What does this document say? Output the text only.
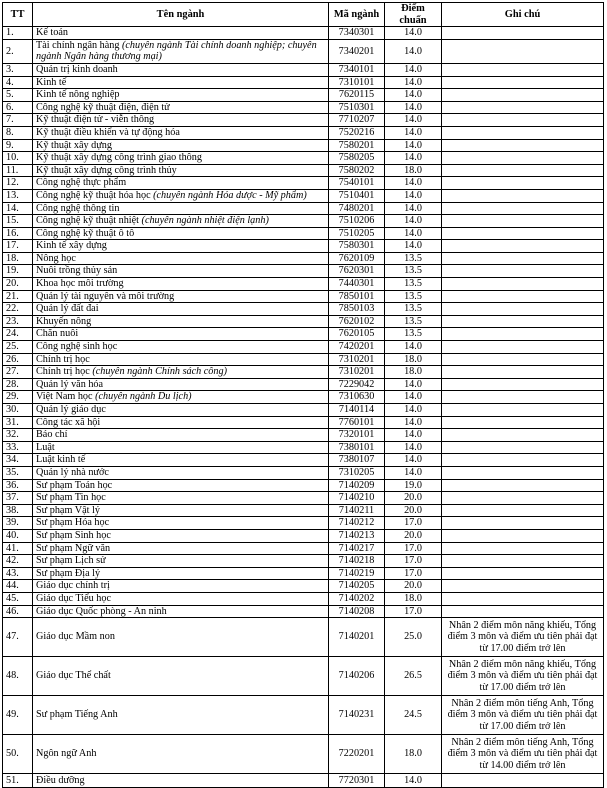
TT	Tên ngành	Mã ngành	Điểm chuẩn	Ghi chú
1.	Kế toán	7340301	14.0	
2.	Tài chính ngân hàng (chuyên ngành Tài chính doanh nghiệp; chuyên ngành Ngân hàng thương mại)	7340201	14.0	
3.	Quản trị kinh doanh	7340101	14.0	
4.	Kinh tế	7310101	14.0	
5.	Kinh tế nông nghiệp	7620115	14.0	
6.	Công nghệ kỹ thuật điện, điện tử	7510301	14.0	
7.	Kỹ thuật điện tử - viễn thông	7710207	14.0	
8.	Kỹ thuật điều khiển và tự động hóa	7520216	14.0	
9.	Kỹ thuật xây dựng	7580201	14.0	
10.	Kỹ thuật xây dựng công trình giao thông	7580205	14.0	
11.	Kỹ thuật xây dựng công trình thủy	7580202	18.0	
12.	Công nghệ thực phẩm	7540101	14.0	
13.	Công nghệ kỹ thuật hóa học (chuyên ngành Hóa dược - Mỹ phẩm)	7510401	14.0	
14.	Công nghệ thông tin	7480201	14.0	
15.	Công nghệ kỹ thuật nhiệt (chuyên ngành nhiệt điện lạnh)	7510206	14.0	
16.	Công nghệ kỹ thuật ô tô	7510205	14.0	
17.	Kinh tế xây dựng	7580301	14.0	
18.	Nông học	7620109	13.5	
19.	Nuôi trồng thủy sản	7620301	13.5	
20.	Khoa học môi trường	7440301	13.5	
21.	Quản lý tài nguyên và môi trường	7850101	13.5	
22.	Quản lý đất đai	7850103	13.5	
23.	Khuyến nông	7620102	13.5	
24.	Chăn nuôi	7620105	13.5	
25.	Công nghệ sinh học	7420201	14.0	
26.	Chính trị học	7310201	18.0	
27.	Chính trị học (chuyên ngành Chính sách công)	7310201	18.0	
28.	Quản lý văn hóa	7229042	14.0	
29.	Việt Nam học (chuyên ngành Du lịch)	7310630	14.0	
30.	Quản lý giáo dục	7140114	14.0	
31.	Công tác xã hội	7760101	14.0	
32.	Báo chí	7320101	14.0	
33.	Luật	7380101	14.0	
34.	Luật kinh tế	7380107	14.0	
35.	Quản lý nhà nước	7310205	14.0	
36.	Sư phạm Toán học	7140209	19.0	
37.	Sư phạm Tin học	7140210	20.0	
38.	Sư phạm Vật lý	7140211	20.0	
39.	Sư phạm Hóa học	7140212	17.0	
40.	Sư phạm Sinh học	7140213	20.0	
41.	Sư phạm Ngữ văn	7140217	17.0	
42.	Sư phạm Lịch sử	7140218	17.0	
43.	Sư phạm Địa lý	7140219	17.0	
44.	Giáo dục chính trị	7140205	20.0	
45.	Giáo dục Tiểu học	7140202	18.0	
46.	Giáo dục Quốc phòng - An ninh	7140208	17.0	
47.	Giáo dục Mầm non	7140201	25.0	Nhân 2 điểm môn năng khiếu, Tổng điểm 3 môn và điểm ưu tiên phải đạt từ 17.00 điểm trở lên
48.	Giáo dục Thể chất	7140206	26.5	Nhân 2 điểm môn năng khiếu, Tổng điểm 3 môn và điểm ưu tiên phải đạt từ 17.00 điểm trở lên
49.	Sư phạm Tiếng Anh	7140231	24.5	Nhân 2 điểm môn tiếng Anh, Tổng điểm 3 môn và điểm ưu tiên phải đạt từ 17.00 điểm trở lên
50.	Ngôn ngữ Anh	7220201	18.0	Nhân 2 điểm môn tiếng Anh, Tổng điểm 3 môn và điểm ưu tiên phải đạt từ 14.00 điểm trở lên
51.	Điều dưỡng	7720301	14.0	
